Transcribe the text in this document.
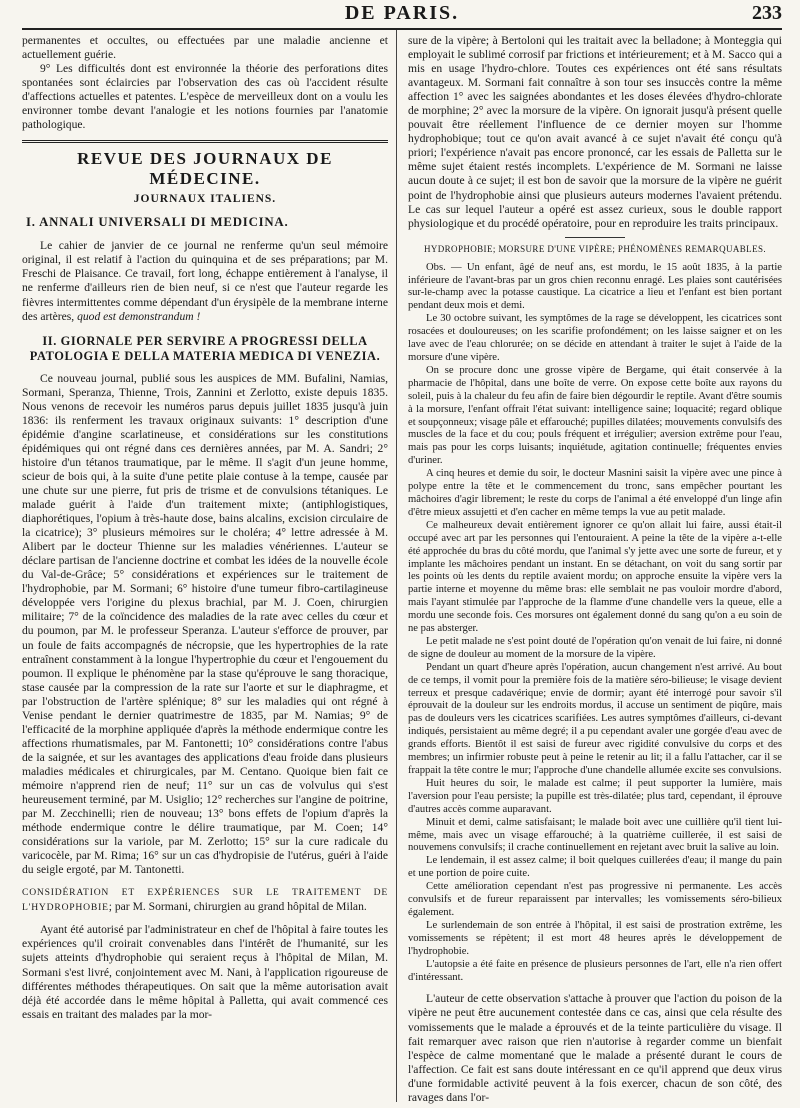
DE PARIS.	233

permanentes et occultes, ou effectuées par une maladie ancienne et actuellement guérie.

9° Les difficultés dont est environnée la théorie des perforations dites spontanées sont éclaircies par l'observation des cas où l'accident résulte d'affections actuelles et patentes. L'espèce de merveilleux dont on a voulu les environner tombe devant l'analogie et les notions fournies par l'anatomie pathologique.

REVUE DES JOURNAUX DE MÉDECINE.
JOURNAUX ITALIENS.
I. ANNALI UNIVERSALI DI MEDICINA.

Le cahier de janvier de ce journal ne renferme qu'un seul mémoire original, il est relatif à l'action du quinquina et de ses préparations; par M. Freschi de Plaisance. Ce travail, fort long, échappe entièrement à l'analyse, il ne renferme d'ailleurs rien de bien neuf, si ce n'est que l'auteur regarde les fièvres intermittentes comme dépendant d'un érysipèle de la membrane interne des artères, quod est demonstrandum !

II. GIORNALE PER SERVIRE A PROGRESSI DELLA PATOLOGIA E DELLA MATERIA MEDICA DI VENEZIA.

Ce nouveau journal, publié sous les auspices de MM. Bufalini, Namias, Sormani, Speranza, Thienne, Trois, Zannini et Zerlotto, existe depuis 1835. Nous venons de recevoir les numéros parus depuis juillet 1835 jusqu'à juin 1836: ils renferment les travaux originaux suivants: 1° description d'une épidémie d'angine scarlatineuse, et considérations sur les constitutions épidémiques qui ont régné dans ces dernières années, par M. A. Sandri; 2° histoire d'un tétanos traumatique, par le même. Il s'agit d'un jeune homme, scieur de bois qui, à la suite d'une petite plaie contuse à la tempe, causée par une chute sur une pierre, fut pris de trisme et de convulsions tétaniques. Le malade guérit à l'aide d'un traitement mixte; (antiphlogistiques, diaphorétiques, l'opium à très-haute dose, bains alcalins, excision circulaire de la cicatrice); 3° plusieurs mémoires sur le choléra; 4° lettre adressée à M. Alibert par le docteur Thienne sur les maladies vénériennes. L'auteur se déclare partisan de l'ancienne doctrine et combat les idées de la nouvelle école du Val-de-Grâce; 5° considérations et expériences sur le traitement de l'hydrophobie, par M. Sormani; 6° histoire d'une tumeur fibro-cartilagineuse développée vers l'origine du plexus brachial, par M. J. Coen, chirurgien militaire; 7° de la coïncidence des maladies de la rate avec celles du cœur et du poumon, par M. le professeur Speranza. L'auteur s'efforce de prouver, par un foule de faits accompagnés de nécropsie, que les hypertrophies de la rate entraînent constamment à la longue l'hypertrophie du cœur et l'engouement du poumon. Il explique le phénomène par la stase qu'éprouve le sang thoracique, stase causée par la compression de la rate sur l'aorte et sur le diaphragme, et par l'obstruction de l'artère splénique; 8° sur les maladies qui ont régné à Venise pendant le dernier quatrimestre de 1835, par M. Namias; 9° de l'efficacité de la morphine appliquée d'après la méthode endermique contre les affections rhumatismales, par M. Fantonetti; 10° considérations contre l'abus de la saignée, et sur les avantages des applications d'eau froide dans plusieurs maladies médicales et chirurgicales, par M. Centano. Quoique bien fait ce mémoire n'apprend rien de neuf; 11° sur un cas de volvulus qui s'est heureusement terminé, par M. Usiglio; 12° recherches sur l'angine de poitrine, par M. Zecchinelli; rien de nouveau; 13° bons effets de l'opium d'après la méthode endermique contre le délire traumatique, par M. Coen; 14° considérations sur la variole, par M. Zerlotto; 15° sur la cure radicale du varicocèle, par M. Rima; 16° sur un cas d'hydropisie de l'utérus, guéri à l'aide du seigle ergoté, par M. Tantonetti.

CONSIDÉRATION ET EXPÉRIENCES SUR LE TRAITEMENT DE L'HYDROPHOBIE; par M. Sormani, chirurgien au grand hôpital de Milan.

Ayant été autorisé par l'administrateur en chef de l'hôpital à faire toutes les expériences qu'il croirait convenables dans l'intérêt de l'humanité, sur les sujets atteints d'hydrophobie qui seraient reçus à l'hôpital de Milan, M. Sormani s'est livré, conjointement avec M. Nani, à l'application rigoureuse de différentes méthodes thérapeutiques. On sait que la même autorisation avait déjà été accordée dans le même hôpital à Palletta, qui avait commencé ces essais en traitant des malades par la mor-

sure de la vipère; à Bertoloni qui les traitait avec la belladone; à Monteggia qui employait le sublimé corrosif par frictions et intérieurement; et à M. Sacco qui a mis en usage l'hydro-chlore. Toutes ces expériences ont été sans résultats avantageux. M. Sormani fait connaître à son tour ses insuccès contre la même affection 1° avec les saignées abondantes et les doses élevées d'hydro-chlorate de morphine; 2° avec la morsure de la vipère. On ignorait jusqu'à présent quelle pouvait être réellement l'influence de ce dernier moyen sur l'homme hydrophobique; tout ce qu'on avait avancé à ce sujet n'avait été conçu qu'à priori; l'expérience n'avait pas encore prononcé, car les essais de Palletta sur le même sujet étaient restés incomplets. L'expérience de M. Sormani ne laisse aucun doute à ce sujet; il est bon de savoir que la morsure de la vipère ne guérit point de l'hydrophobie ainsi que plusieurs auteurs modernes l'avaient prétendu. Le cas sur lequel l'auteur a opéré est assez curieux, sous le double rapport physiologique et du procédé opératoire, pour en reproduire les traits principaux.

HYDROPHOBIE; MORSURE D'UNE VIPÈRE; PHÉNOMÈNES REMARQUABLES.

Obs. — Un enfant, âgé de neuf ans, est mordu, le 15 août 1835, à la partie inférieure de l'avant-bras par un gros chien reconnu enragé. Les plaies sont cautérisées sur-le-champ avec la potasse caustique. La cicatrice a lieu et l'enfant est bien portant pendant deux mois et demi.

Le 30 octobre suivant, les symptômes de la rage se développent, les cicatrices sont rosacées et douloureuses; on les scarifie profondément; on les laisse saigner et on les lave avec de l'eau chlorurée; on se décide en attendant à traiter le sujet à l'aide de la morsure d'une vipère.

On se procure donc une grosse vipère de Bergame, qui était conservée à la pharmacie de l'hôpital, dans une boîte de verre. On expose cette boîte aux rayons du soleil, puis à la chaleur du feu afin de faire bien dégourdir le reptile. Avant d'être soumis à la morsure, l'enfant offrait l'état suivant: intelligence saine; loquacité; regard oblique et soupçonneux; visage pâle et effarouché; pupilles dilatées; mouvements convulsifs des muscles de la face et du cou; pouls fréquent et irrégulier; aversion extrême pour l'eau, mais pas pour les corps luisants; inquiétude, agitation continuelle; fréquentes envies d'uriner.

A cinq heures et demie du soir, le docteur Masnini saisit la vipère avec une pince à polype entre la tête et le commencement du tronc, sans empêcher pourtant les mâchoires d'agir librement; le reste du corps de l'animal a été enveloppé d'un linge afin d'être mieux assujetti et d'en cacher en même temps la vue au petit malade.

Ce malheureux devait entièrement ignorer ce qu'on allait lui faire, aussi était-il occupé avec art par les personnes qui l'entouraient. A peine la tête de la vipère a-t-elle été approchée du bras du côté mordu, que l'animal s'y jette avec une sorte de fureur, et y implante les mâchoires pendant un instant. En se détachant, on voit du sang sortir par les points où les dents du reptile avaient mordu; on approche ensuite la vipère vers la partie interne et moyenne du même bras: elle semblait ne pas vouloir mordre d'abord, mais l'ayant stimulée par l'approche de la flamme d'une chandelle vers la queue, elle a mordu une seconde fois. Ces morsures ont également donné du sang qu'on a eu soin de ne pas absterger.

Le petit malade ne s'est point douté de l'opération qu'on venait de lui faire, ni donné de signe de douleur au moment de la morsure de la vipère.

Pendant un quart d'heure après l'opération, aucun changement n'est arrivé. Au bout de ce temps, il vomit pour la première fois de la matière séro-bilieuse; le visage devient terreux et presque cadavérique; envie de dormir; ayant été interrogé pour savoir s'il éprouvait de la douleur sur les endroits mordus, il accuse un sentiment de piqûre, mais pas de douleurs vers les cicatrices scarifiées. Les autres symptômes d'ailleurs, ci-devant indiqués, persistaient au même degré; il a pu cependant avaler une gorgée d'eau avec de grands efforts. Bientôt il est saisi de fureur avec rigidité convulsive du corps et des membres; un infirmier robuste peut à peine le retenir au lit; il a fallu l'attacher, car il se frappait la tête contre le mur; l'approche d'une chandelle allumée excite ses convulsions.

Huit heures du soir, le malade est calme; il peut supporter la lumière, mais l'aversion pour l'eau persiste; la pupille est très-dilatée; plus tard, cependant, il éprouve d'autres accès comme auparavant.

Minuit et demi, calme satisfaisant; le malade boit avec une cuillière qu'il tient lui-même, mais avec un visage effarouché; à la quatrième cuillerée, il est saisi de nouvemens convulsifs; il crache continuellement en rejetant avec bruit la salive au loin.

Le lendemain, il est assez calme; il boit quelques cuillerées d'eau; il mange du pain et une portion de poire cuite.

Cette amélioration cependant n'est pas progressive ni permanente. Les accès convulsifs et de fureur reparaissent par intervalles; les vomissements séro-bilieux également.

Le surlendemain de son entrée à l'hôpital, il est saisi de prostration extrême, les vomissements se répètent; il est mort 48 heures après le développement de l'hydrophobie.

L'autopsie a été faite en présence de plusieurs personnes de l'art, elle n'a rien offert d'intéressant.

L'auteur de cette observation s'attache à prouver que l'action du poison de la vipère ne peut être aucunement contestée dans ce cas, ainsi que cela résulte des vomissements que le malade a éprouvés et de la teinte particulière du visage. Il fait remarquer avec raison que rien n'autorise à regarder comme un bienfait l'espèce de calme momentané que le malade a présenté durant le cours de l'affection. Ce fait est sans doute intéressant en ce qu'il apprend que deux virus d'une formidable activité peuvent à la fois exercer, chacun de son côté, des ravages dans l'or-
